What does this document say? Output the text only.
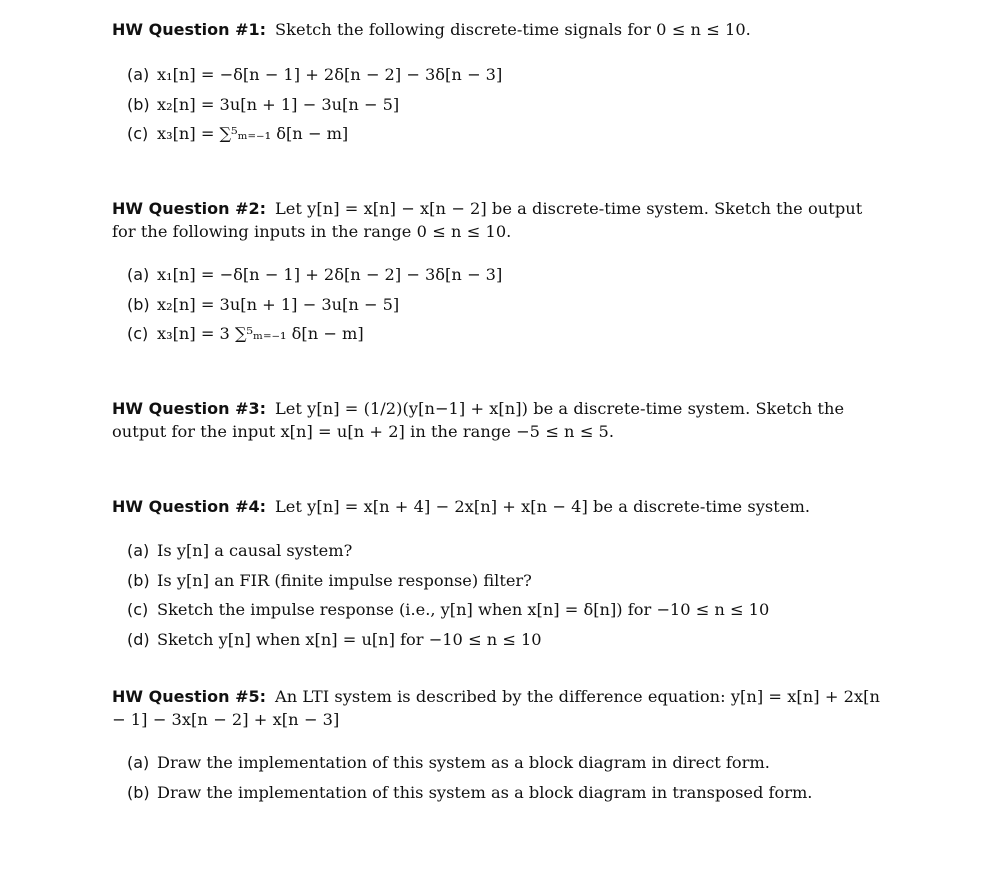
HW Question #1: Sketch the following discrete-time signals for 0 ≤ n ≤ 10.
(a) x₁[n] = −δ[n − 1] + 2δ[n − 2] − 3δ[n − 3]
(b) x₂[n] = 3u[n + 1] − 3u[n − 5]
(c) x₃[n] = ∑⁵ₘ₌₋₁ δ[n − m]
HW Question #2: Let y[n] = x[n] − x[n − 2] be a discrete-time system. Sketch the output for the following inputs in the range 0 ≤ n ≤ 10.
(a) x₁[n] = −δ[n − 1] + 2δ[n − 2] − 3δ[n − 3]
(b) x₂[n] = 3u[n + 1] − 3u[n − 5]
(c) x₃[n] = 3 ∑⁵ₘ₌₋₁ δ[n − m]
HW Question #3: Let y[n] = (1/2)(y[n−1] + x[n]) be a discrete-time system. Sketch the output for the input x[n] = u[n + 2] in the range −5 ≤ n ≤ 5.
HW Question #4: Let y[n] = x[n + 4] − 2x[n] + x[n − 4] be a discrete-time system.
(a) Is y[n] a causal system?
(b) Is y[n] an FIR (finite impulse response) filter?
(c) Sketch the impulse response (i.e., y[n] when x[n] = δ[n]) for −10 ≤ n ≤ 10
(d) Sketch y[n] when x[n] = u[n] for −10 ≤ n ≤ 10
HW Question #5: An LTI system is described by the difference equation: y[n] = x[n] + 2x[n − 1] − 3x[n − 2] + x[n − 3]
(a) Draw the implementation of this system as a block diagram in direct form.
(b) Draw the implementation of this system as a block diagram in transposed form.
